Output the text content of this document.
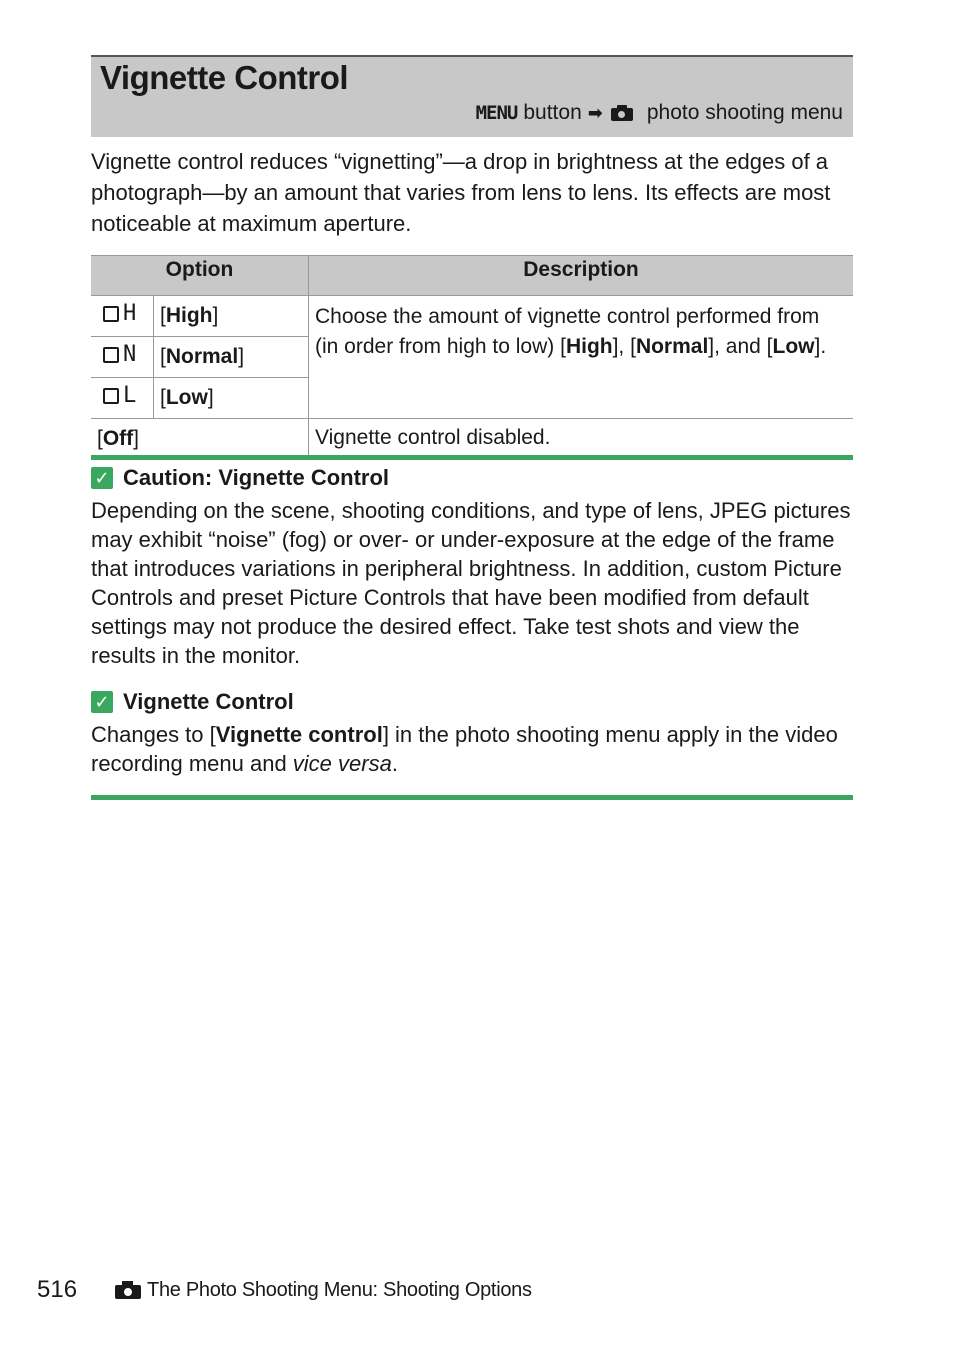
Vignette Control
MENU button ➡ photo shooting menu
Vignette control reduces “vignetting”—a drop in brightness at the edges of a photograph—by an amount that varies from lens to lens. Its effects are most noticeable at maximum aperture.
Option		Description

H	[High]	Choose the amount of vignette control performed from (in order from high to low) [High], [Normal], and [Low].

N	[Normal]	

L	[Low]	

[Off]		Vignette control disabled.
✓ Caution: Vignette Control
Depending on the scene, shooting conditions, and type of lens, JPEG pictures may exhibit “noise” (fog) or over- or under-exposure at the edge of the frame that introduces variations in peripheral brightness. In addition, custom Picture Controls and preset Picture Controls that have been modified from default settings may not produce the desired effect. Take test shots and view the results in the monitor.
✓ Vignette Control
Changes to [Vignette control] in the photo shooting menu apply in the video recording menu and vice versa.
516	The Photo Shooting Menu: Shooting Options
